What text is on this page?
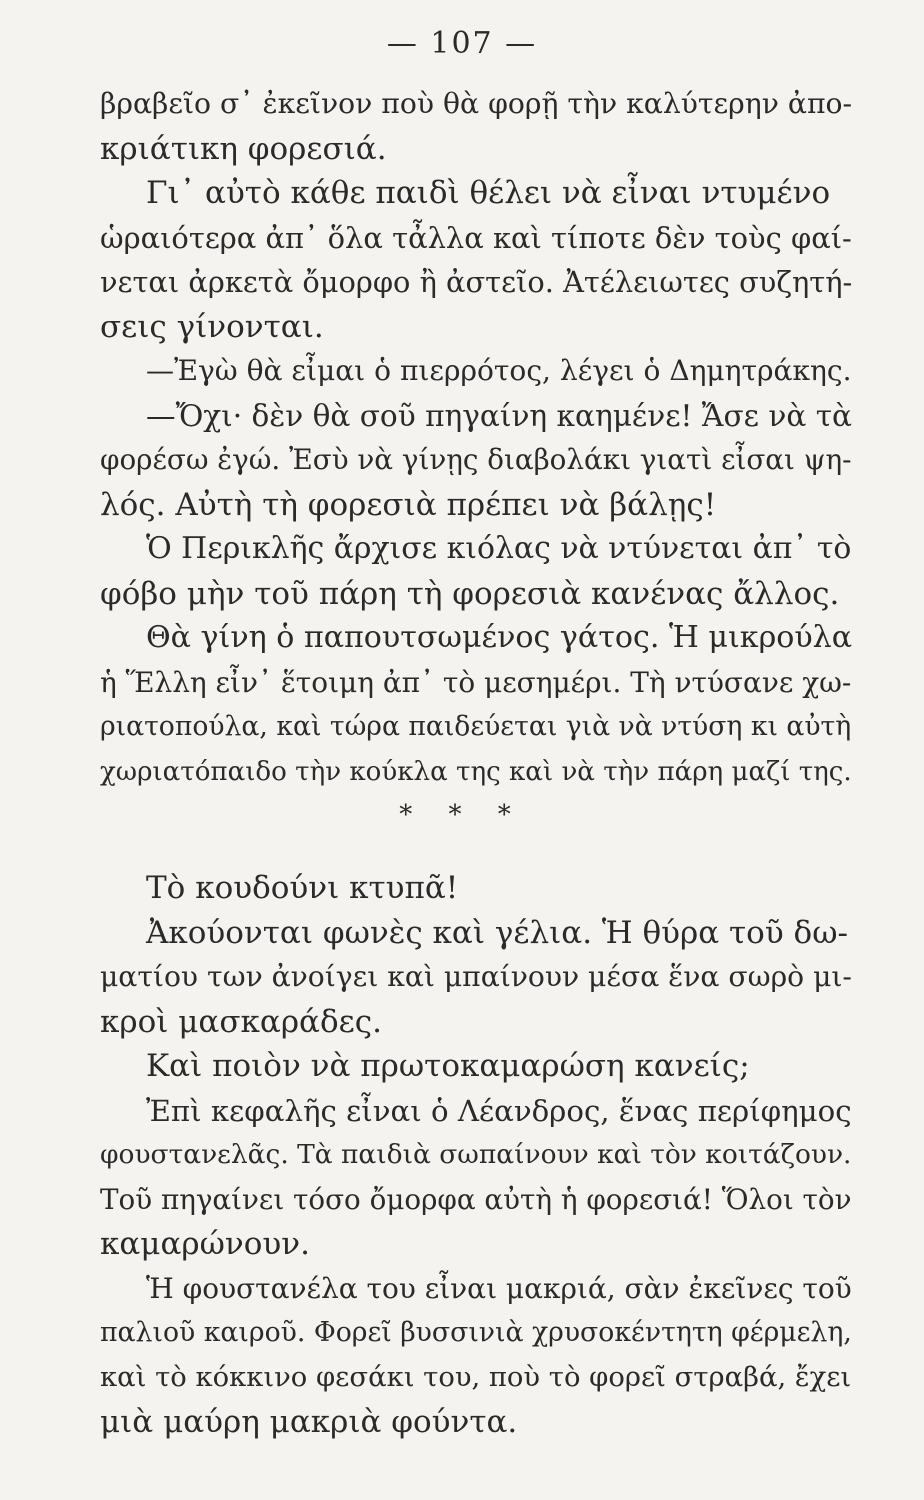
— 107 —
βραβεῖο σ᾿ ἐκεῖνον ποὺ θὰ φορῇ τὴν καλύτερην ἀπο-
κριάτικη φορεσιά.
Γι᾿ αὐτὸ κάθε παιδὶ θέλει νὰ εἶναι ντυμένο
ὡραιότερα ἀπ᾿ ὅλα τἆλλα καὶ τίποτε δὲν τοὺς φαί-
νεται ἀρκετὰ ὄμορφο ἢ ἀστεῖο. Ἀτέλειωτες συζητή-
σεις γίνονται.
—Ἐγὼ θὰ εἶμαι ὁ πιερρότος, λέγει ὁ Δημητράκης.
—Ὄχι· δὲν θὰ σοῦ πηγαίνη καημένε! Ἄσε νὰ τὰ
φορέσω ἐγώ. Ἐσὺ νὰ γίνῃς διαβολάκι γιατὶ εἶσαι ψη-
λός. Αὐτὴ τὴ φορεσιὰ πρέπει νὰ βάλῃς!
Ὁ Περικλῆς ἄρχισε κιόλας νὰ ντύνεται ἀπ᾿ τὸ
φόβο μὴν τοῦ πάρη τὴ φορεσιὰ κανένας ἄλλος.
Θὰ γίνη ὁ παπουτσωμένος γάτος. Ἡ μικρούλα
ἡ Ἕλλη εἶν᾿ ἕτοιμη ἀπ᾿ τὸ μεσημέρι. Τὴ ντύσανε χω-
ριατοπούλα, καὶ τώρα παιδεύεται γιὰ νὰ ντύση κι αὐτὴ
χωριατόπαιδο τὴν κούκλα της καὶ νὰ τὴν πάρη μαζί της.
* * *
Τὸ κουδούνι κτυπᾶ!
Ἀκούονται φωνὲς καὶ γέλια. Ἡ θύρα τοῦ δω-
ματίου των ἀνοίγει καὶ μπαίνουν μέσα ἕνα σωρὸ μι-
κροὶ μασκαράδες.
Καὶ ποιὸν νὰ πρωτοκαμαρώση κανείς;
Ἐπὶ κεφαλῆς εἶναι ὁ Λέανδρος, ἕνας περίφημος
φουστανελᾶς. Τὰ παιδιὰ σωπαίνουν καὶ τὸν κοιτάζουν.
Τοῦ πηγαίνει τόσο ὄμορφα αὐτὴ ἡ φορεσιά! Ὅλοι τὸν
καμαρώνουν.
Ἡ φουστανέλα του εἶναι μακριά, σὰν ἐκεῖνες τοῦ
παλιοῦ καιροῦ. Φορεῖ βυσσινιὰ χρυσοκέντητη φέρμελη,
καὶ τὸ κόκκινο φεσάκι του, ποὺ τὸ φορεῖ στραβά, ἔχει
μιὰ μαύρη μακριὰ φούντα.
